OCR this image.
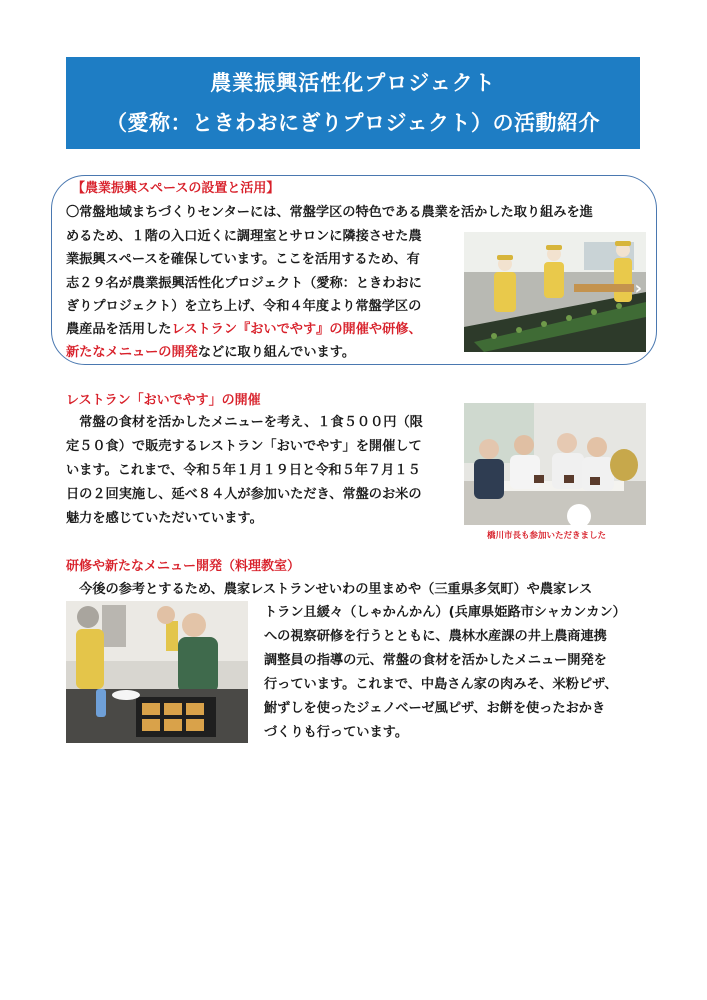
農業振興活性化プロジェクト
（愛称：ときわおにぎりプロジェクト）の活動紹介
【農業振興スペースの設置と活用】
〇常盤地域まちづくりセンターには、常盤学区の特色である農業を活かした取り組みを進
めるため、１階の入口近くに調理室とサロンに隣接させた農
業振興スペースを確保しています。ここを活用するため、有
志２９名が農業振興活性化プロジェクト（愛称：ときわおに
ぎりプロジェクト）を立ち上げ、令和４年度より常盤学区の
農産品を活用したレストラン『おいでやす』の開催や研修、
新たなメニューの開発などに取り組んでいます。
›
レストラン「おいでやす」の開催
　常盤の食材を活かしたメニューを考え、１食５００円（限
定５０食）で販売するレストラン「おいでやす」を開催して
います。これまで、令和５年１月１９日と令和５年７月１５
日の２回実施し、延べ８４人が参加いただき、常盤のお米の
魅力を感じていただいています。
橋川市長も参加いただきました
研修や新たなメニュー開発（料理教室）
　今後の参考とするため、農家レストランせいわの里まめや（三重県多気町）や農家レス
トラン且緩々（しゃかんかん）(兵庫県姫路市シャカンカン）
への視察研修を行うとともに、農林水産課の井上農商連携
調整員の指導の元、常盤の食材を活かしたメニュー開発を
行っています。これまで、中島さん家の肉みそ、米粉ピザ、
鮒ずしを使ったジェノベーゼ風ピザ、お餅を使ったおかき
づくりも行っています。
